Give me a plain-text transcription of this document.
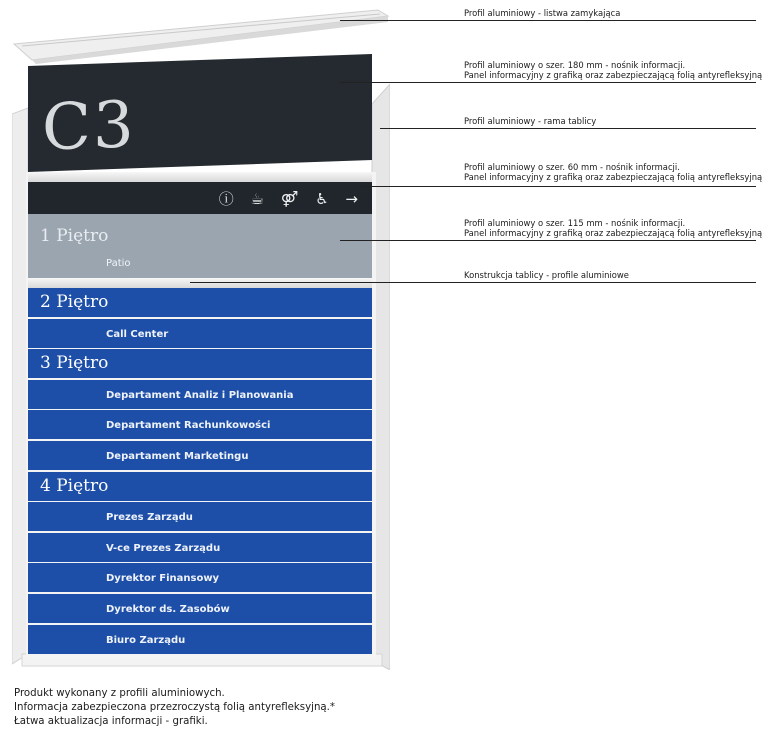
C3
ⓘ ☕ ⚤ ♿ →
1 Piętro
Patio
2 Piętro
Call Center
3 Piętro
Departament Analiz i Planowania
Departament Rachunkowości
Departament Marketingu
4 Piętro
Prezes Zarządu
V-ce Prezes Zarządu
Dyrektor Finansowy
Dyrektor ds. Zasobów
Biuro Zarządu
Profil aluminiowy - listwa zamykająca
Profil aluminiowy o szer. 180 mm - nośnik informacji.
Panel informacyjny z grafiką oraz zabezpieczającą folią antyrefleksyjną
Profil aluminiowy - rama tablicy
Profil aluminiowy o szer. 60 mm - nośnik informacji.
Panel informacyjny z grafiką oraz zabezpieczającą folią antyrefleksyjną
Profil aluminiowy o szer. 115 mm - nośnik informacji.
Panel informacyjny z grafiką oraz zabezpieczającą folią antyrefleksyjną
Konstrukcja tablicy - profile aluminiowe
Produkt wykonany z profili aluminiowych.
Informacja zabezpieczona przezroczystą folią antyrefleksyjną.*
Łatwa aktualizacja informacji - grafiki.
